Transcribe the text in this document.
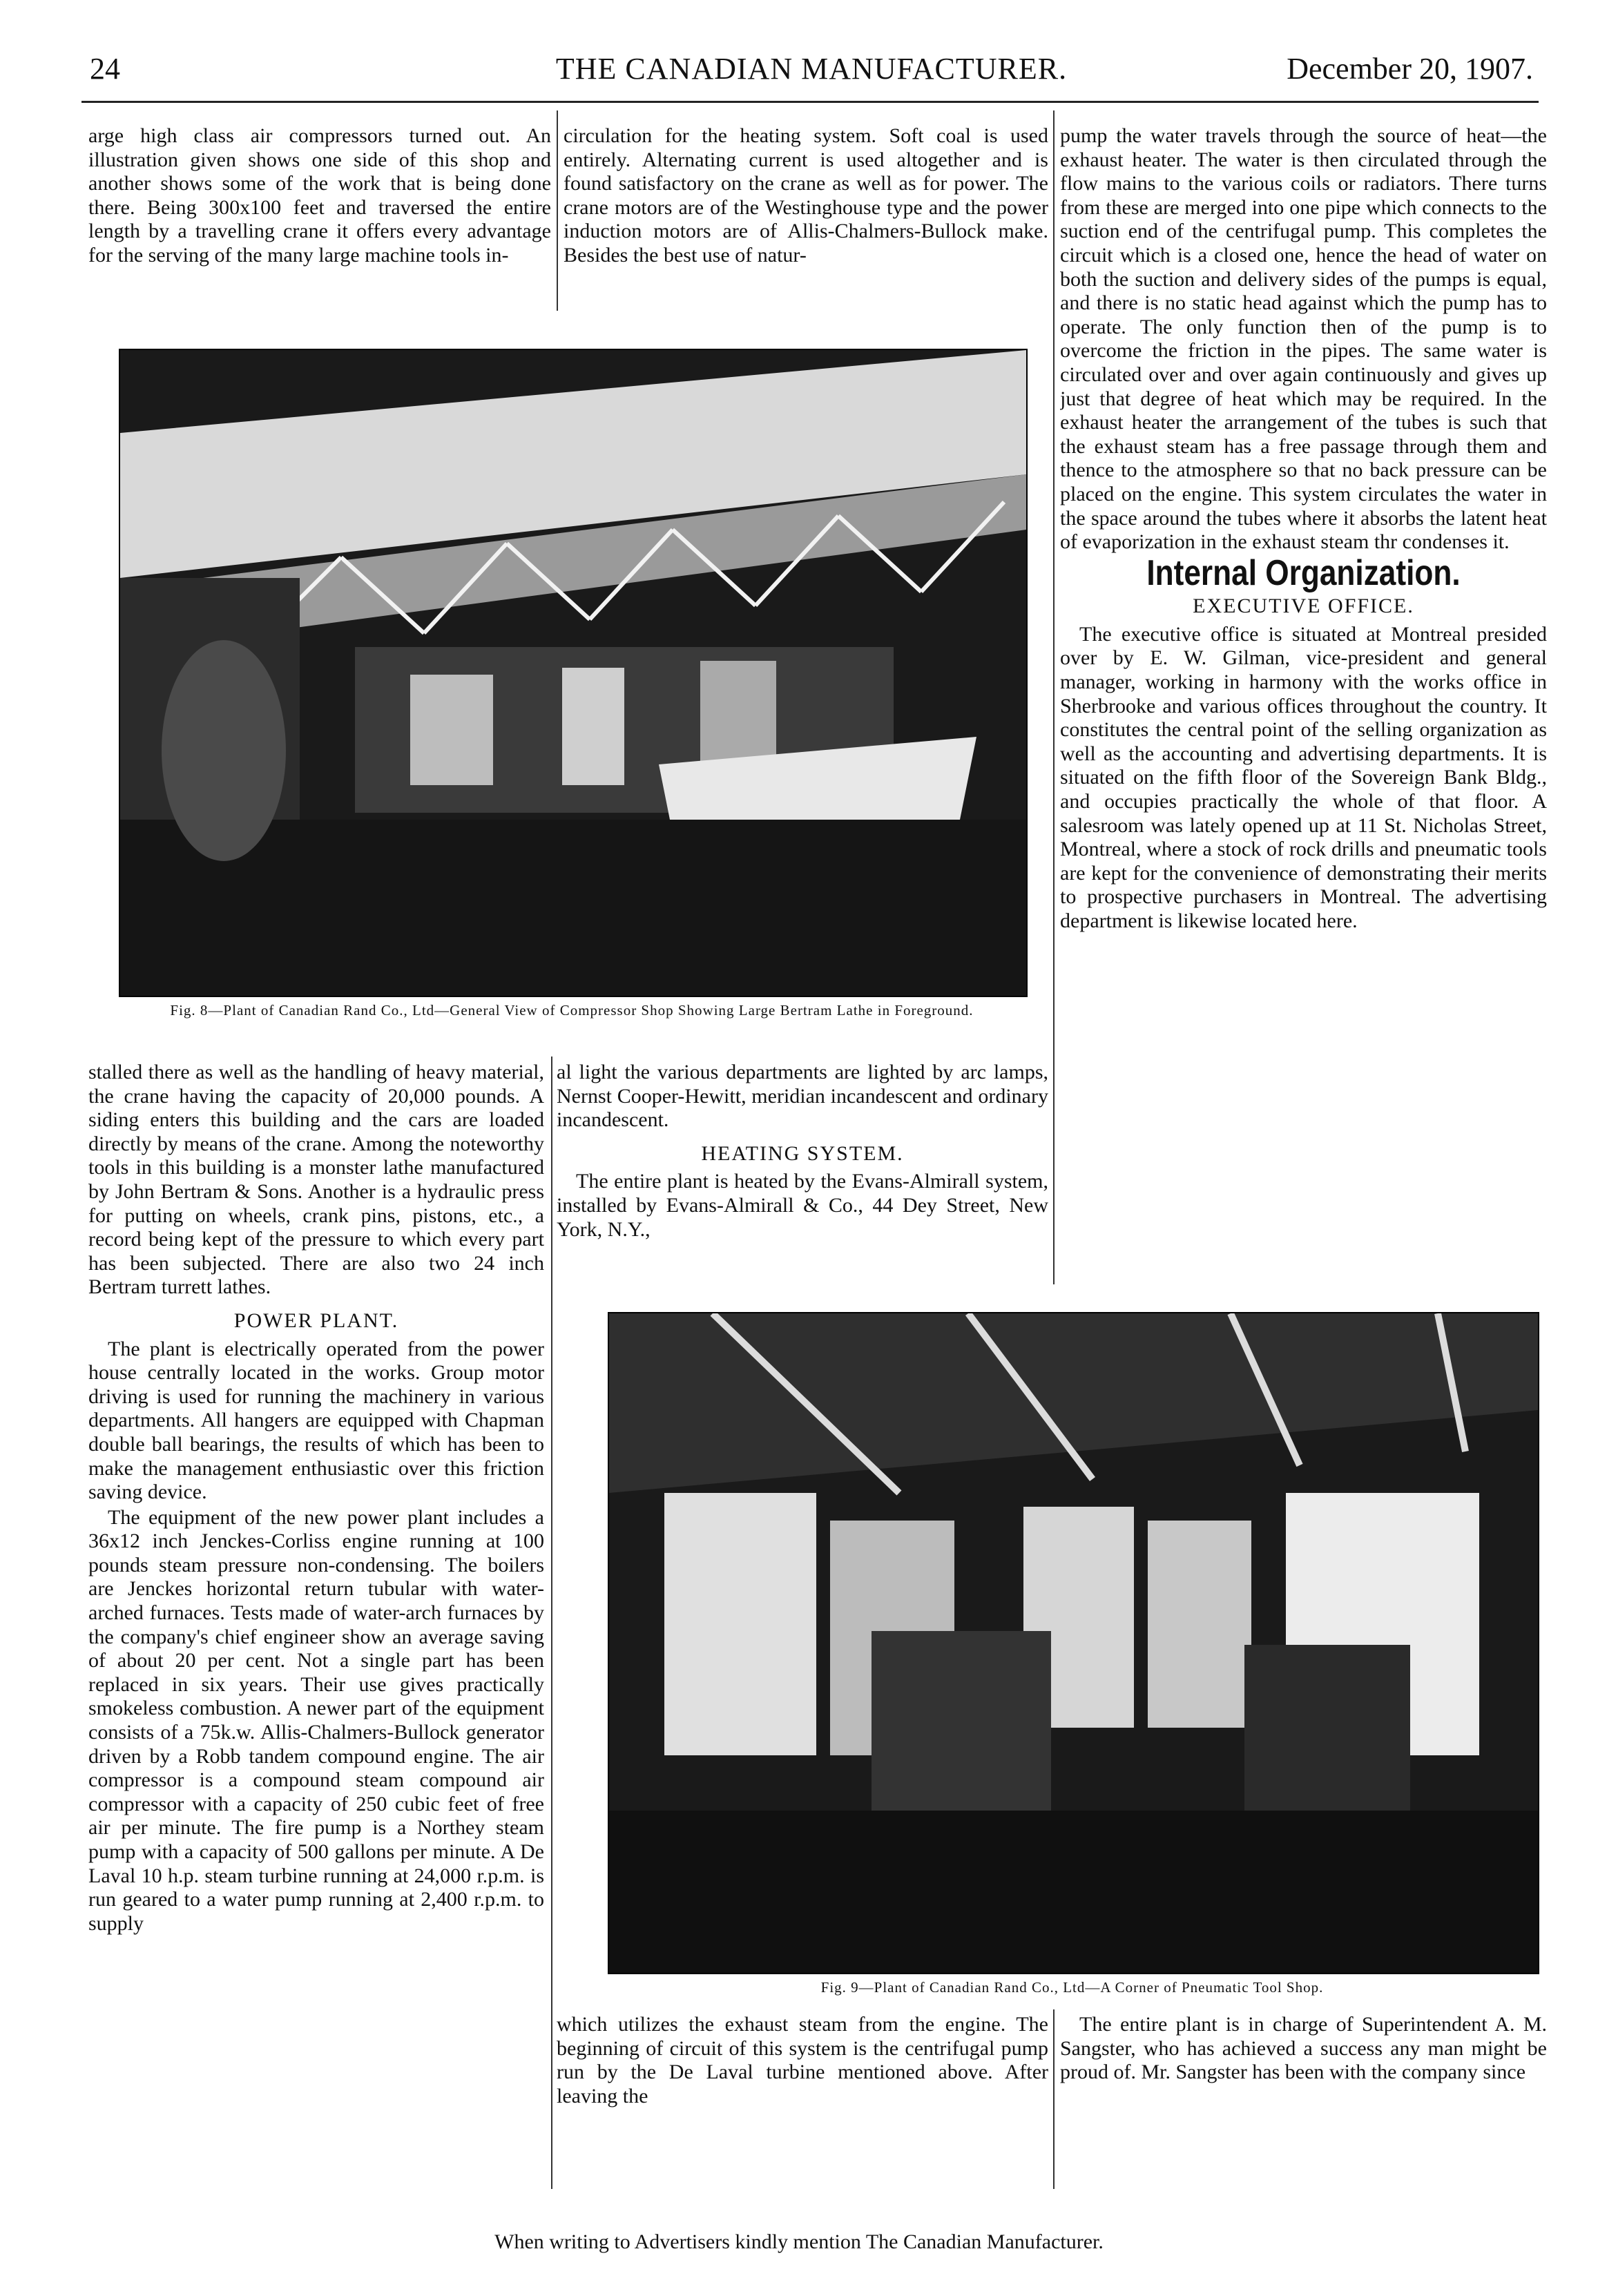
24	THE CANADIAN MANUFACTURER.	December 20, 1907.

arge high class air compressors turned out. An illustration given shows one side of this shop and another shows some of the work that is being done there. Being 300x100 feet and traversed the entire length by a travelling crane it offers every advantage for the serving of the many large machine tools in-

circulation for the heating system. Soft coal is used entirely. Alternating current is used altogether and is found satisfactory on the crane as well as for power. The crane motors are of the Westinghouse type and the power induction motors are of Allis-Chalmers-Bullock make. Besides the best use of natur-

pump the water travels through the source of heat—the exhaust heater. The water is then circulated through the flow mains to the various coils or radiators. There turns from these are merged into one pipe which connects to the suction end of the centrifugal pump. This completes the circuit which is a closed one, hence the head of water on both the suction and delivery sides of the pumps is equal, and there is no static head against which the pump has to operate. The only function then of the pump is to overcome the friction in the pipes. The same water is circulated over and over again continuously and gives up just that degree of heat which may be required. In the exhaust heater the arrangement of the tubes is such that the exhaust steam has a free passage through them and thence to the atmosphere so that no back pressure can be placed on the engine. This system circulates the water in the space around the tubes where it absorbs the latent heat of evaporization in the exhaust steam thr condenses it.

Internal Organization.
EXECUTIVE OFFICE.

The executive office is situated at Montreal presided over by E. W. Gilman, vice-president and general manager, working in harmony with the works office in Sherbrooke and various offices throughout the country. It constitutes the central point of the selling organization as well as the accounting and advertising departments. It is situated on the fifth floor of the Sovereign Bank Bldg., and occupies practically the whole of that floor. A salesroom was lately opened up at 11 St. Nicholas Street, Montreal, where a stock of rock drills and pneumatic tools are kept for the convenience of demonstrating their merits to prospective purchasers in Montreal. The advertising department is likewise located here.

Fig. 8—Plant of Canadian Rand Co., Ltd—General View of Compressor Shop Showing Large Bertram Lathe in Foreground.

stalled there as well as the handling of heavy material, the crane having the capacity of 20,000 pounds. A siding enters this building and the cars are loaded directly by means of the crane. Among the noteworthy tools in this building is a monster lathe manufactured by John Bertram & Sons. Another is a hydraulic press for putting on wheels, crank pins, pistons, etc., a record being kept of the pressure to which every part has been subjected. There are also two 24 inch Bertram turrett lathes.

POWER PLANT.

The plant is electrically operated from the power house centrally located in the works. Group motor driving is used for running the machinery in various departments. All hangers are equipped with Chapman double ball bearings, the results of which has been to make the management enthusiastic over this friction saving device.

The equipment of the new power plant includes a 36x12 inch Jenckes-Corliss engine running at 100 pounds steam pressure non-condensing. The boilers are Jenckes horizontal return tubular with water-arched furnaces. Tests made of water-arch furnaces by the company's chief engineer show an average saving of about 20 per cent. Not a single part has been replaced in six years. Their use gives practically smokeless combustion. A newer part of the equipment consists of a 75k.w. Allis-Chalmers-Bullock generator driven by a Robb tandem compound engine. The air compressor is a compound steam compound air compressor with a capacity of 250 cubic feet of free air per minute. The fire pump is a Northey steam pump with a capacity of 500 gallons per minute. A De Laval 10 h.p. steam turbine running at 24,000 r.p.m. is run geared to a water pump running at 2,400 r.p.m. to supply

al light the various departments are lighted by arc lamps, Nernst Cooper-Hewitt, meridian incandescent and ordinary incandescent.

HEATING SYSTEM.

The entire plant is heated by the Evans-Almirall system, installed by Evans-Almirall & Co., 44 Dey Street, New York, N.Y.,

Fig. 9—Plant of Canadian Rand Co., Ltd—A Corner of Pneumatic Tool Shop.

which utilizes the exhaust steam from the engine. The beginning of circuit of this system is the centrifugal pump run by the De Laval turbine mentioned above. After leaving the

The entire plant is in charge of Superintendent A. M. Sangster, who has achieved a success any man might be proud of. Mr. Sangster has been with the company since

When writing to Advertisers kindly mention The Canadian Manufacturer.
